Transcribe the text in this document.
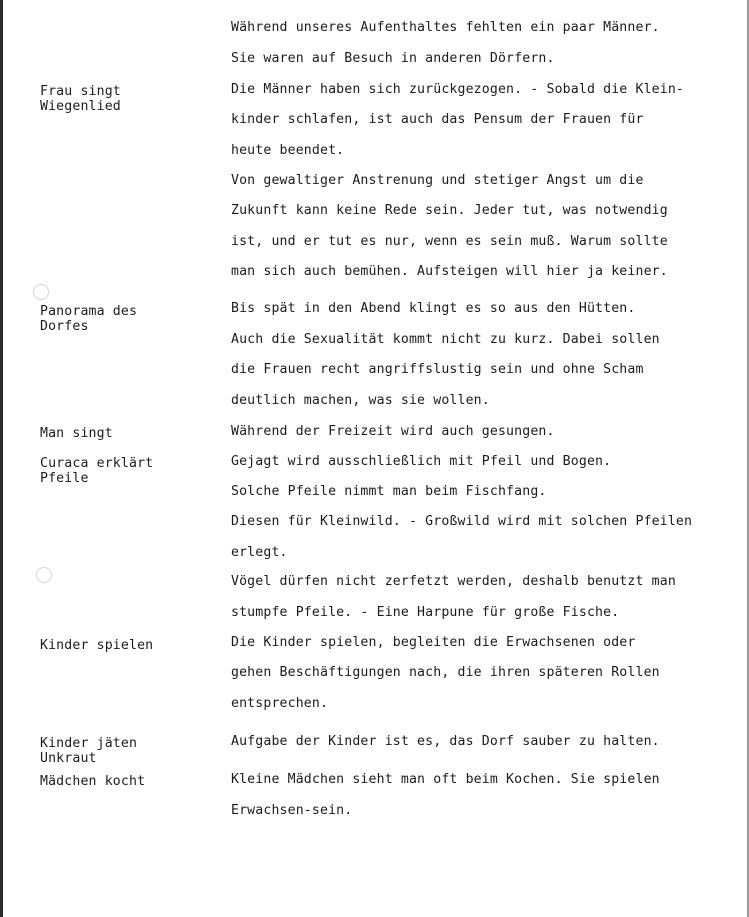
Frau singt
Wiegenlied
Panorama des
Dorfes
Man singt
Curaca erklärt
Pfeile
Kinder spielen
Kinder jäten
Unkraut
Mädchen kocht
Während unseres Aufenthaltes fehlten ein paar Männer.
Sie waren auf Besuch in anderen Dörfern.
Die Männer haben sich zurückgezogen. - Sobald die Klein-
kinder schlafen, ist auch das Pensum der Frauen für
heute beendet.
Von gewaltiger Anstrenung und stetiger Angst um die
Zukunft kann keine Rede sein. Jeder tut, was notwendig
ist, und er tut es nur, wenn es sein muß. Warum sollte
man sich auch bemühen. Aufsteigen will hier ja keiner.
Bis spät in den Abend klingt es so aus den Hütten.
Auch die Sexualität kommt nicht zu kurz. Dabei sollen
die Frauen recht angriffslustig sein und ohne Scham
deutlich machen, was sie wollen.
Während der Freizeit wird auch gesungen.
Gejagt wird ausschließlich mit Pfeil und Bogen.
Solche Pfeile nimmt man beim Fischfang.
Diesen für Kleinwild. - Großwild wird mit solchen Pfeilen
erlegt.
Vögel dürfen nicht zerfetzt werden, deshalb benutzt man
stumpfe Pfeile. - Eine Harpune für große Fische.
Die Kinder spielen, begleiten die Erwachsenen oder
gehen Beschäftigungen nach, die ihren späteren Rollen
entsprechen.
Aufgabe der Kinder ist es, das Dorf sauber zu halten.
Kleine Mädchen sieht man oft beim Kochen. Sie spielen
Erwachsen-sein.
